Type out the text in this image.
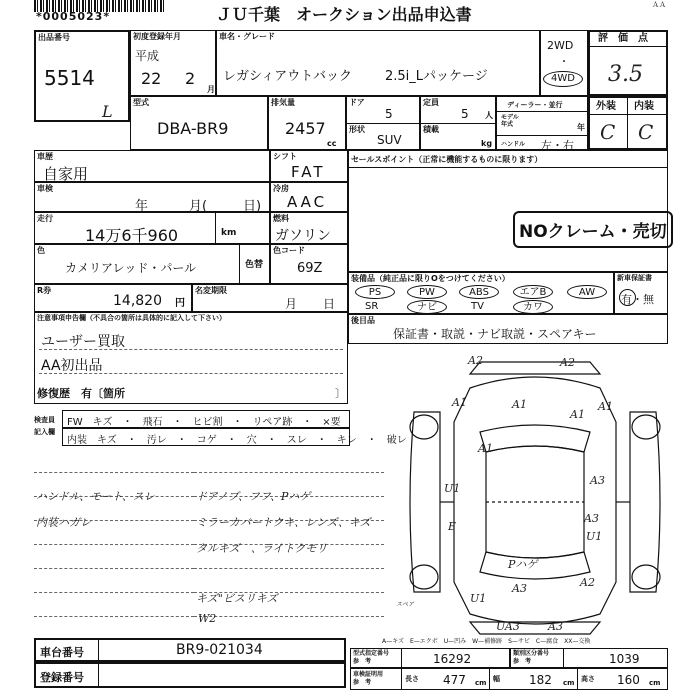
*0005023*	ＪＵ千葉　オークション出品申込書	ＡＡ
出品番号
5514
L
初度登録年月
平成
22 2
月
車名・グレード
レガシィアウトバック	2.5i_Lパッケージ
2WD
・
4WD
評　価　点
3.5
型式
DBA-BR9
排気量
2457
cc
ドア
5
形状
SUV
定員
5 人
積載
kg
ディーラー・並行
モデル
年式	年
ハンドル 左・右
外装 内装
C C
車歴
自家用
シフト
FAT
車検
年	月(	日)
冷房
AAC
走行
14万6千960	km
燃料
ガソリン
色
カメリアレッド・パール	色替
色コード
69Z
R券
14,820 円
名変期限
月 日
注意事項申告欄（不具合の箇所は具体的に記入して下さい）
ユーザー買取
AA初出品
修復歴　有〔箇所	〕
検査員
記入欄
FW　キズ　・　飛石　・　ヒビ割　・　リペア跡　・　×要
内装　キズ　・　汚レ　・　コゲ　・　穴　・　スレ　・　キレ　・　破レ
ハンドル、モート、スレ
内装ハガレ
ドアノブ、フフ、Pハゲ
ミラーカバートクキ、レンズ、キズ
タルキズ　、ライトクモリ
キズ"ビスリキズ
W2
セールスポイント（正常に機能するものに限ります）
NOクレーム・売切
装備品（純正品に限りOをつけてください）
PS	PW	ABS	エアB	AW
SR	ナビ	TV	カワ
新車保証書
有・無
後目品
保証書・取説・ナビ取説・スペアキー
A2	A2
A1	A1
A1
A1
A1
U1
E
A3
A3
U1
Pハゲ
A3
U1
A2
UA3	A3
スペア
A—キズ　E—エクボ　U—凹み　W—補修跡　S—サビ　C—腐食　XX—交換
車台番号	BR9-021034
登録番号
型式指定番号
参　考	16292	類別区分番号
参　考	1039
車検証明用
参　考	長さ 477 cm 幅 182 cm 高さ 160 cm
